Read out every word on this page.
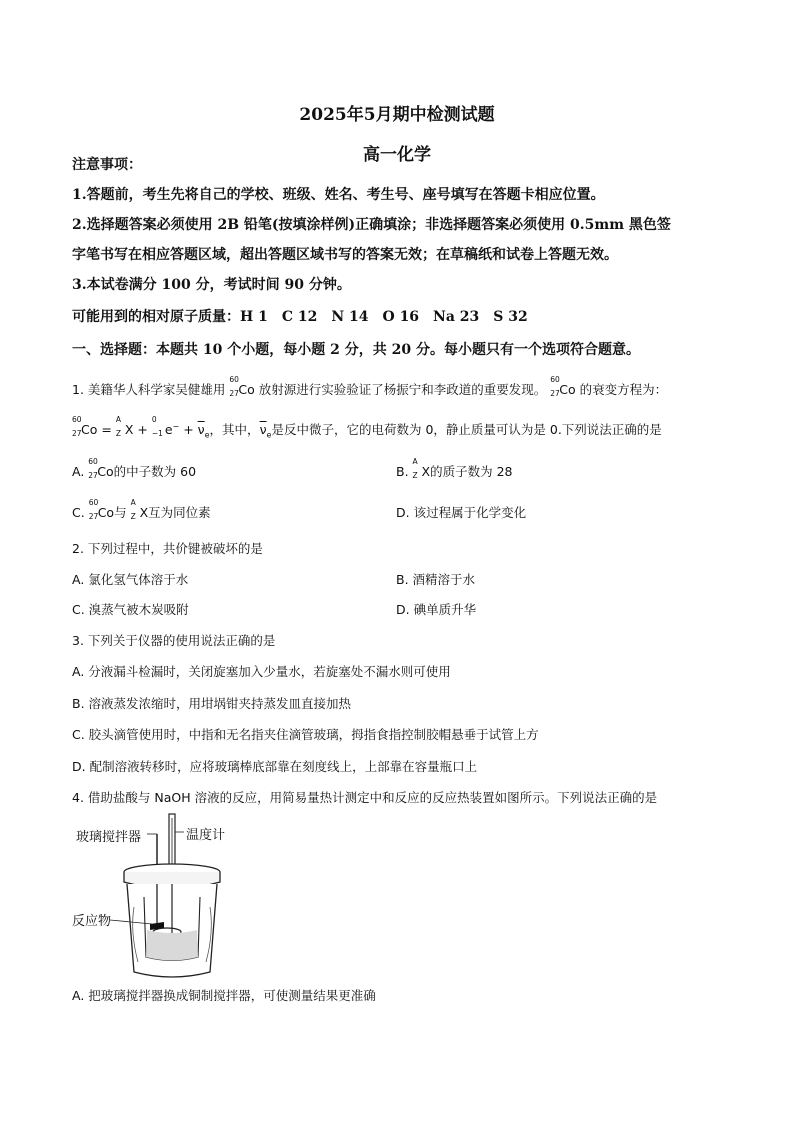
2025年5月期中检测试题
高一化学
注意事项：
1.答题前，考生先将自己的学校、班级、姓名、考生号、座号填写在答题卡相应位置。
2.选择题答案必须使用 2B 铅笔(按填涂样例)正确填涂；非选择题答案必须使用 0.5mm 黑色签
字笔书写在相应答题区域，超出答题区域书写的答案无效；在草稿纸和试卷上答题无效。
3.本试卷满分 100 分，考试时间 90 分钟。
可能用到的相对原子质量：H 1　C 12　N 14　O 16　Na 23　S 32
一、选择题：本题共 10 个小题，每小题 2 分，共 20 分。每小题只有一个选项符合题意。
1. 美籍华人科学家吴健雄用
60
27 Co 放射源进行实验验证了杨振宁和李政道的重要发现。
60
27 Co 的衰变方程为：
60
27 Co =
A
Z X +
0
−1 $e^- + \overline{\nu}_e$，其中，$\overline{\nu}_e$是反中微子，它的电荷数为 0，静止质量可认为是 0.下列说法正确的是
A.
60
27 Co的中子数为 60	B.
A
Z X的质子数为 28
C.
60
27 Co与
A
Z X互为同位素	D. 该过程属于化学变化
2. 下列过程中，共价键被破坏的是
A. 氯化氢气体溶于水	B. 酒精溶于水
C. 溴蒸气被木炭吸附	D. 碘单质升华
3. 下列关于仪器的使用说法正确的是
A. 分液漏斗检漏时，关闭旋塞加入少量水，若旋塞处不漏水则可使用
B. 溶液蒸发浓缩时，用坩埚钳夹持蒸发皿直接加热
C. 胶头滴管使用时，中指和无名指夹住滴管玻璃，拇指食指控制胶帽悬垂于试管上方
D. 配制溶液转移时，应将玻璃棒底部靠在刻度线上，上部靠在容量瓶口上
4. 借助盐酸与 NaOH 溶液的反应，用简易量热计测定中和反应的反应热装置如图所示。下列说法正确的是
玻璃搅拌器	温度计
反应物
A. 把玻璃搅拌器换成铜制搅拌器，可使测量结果更准确
